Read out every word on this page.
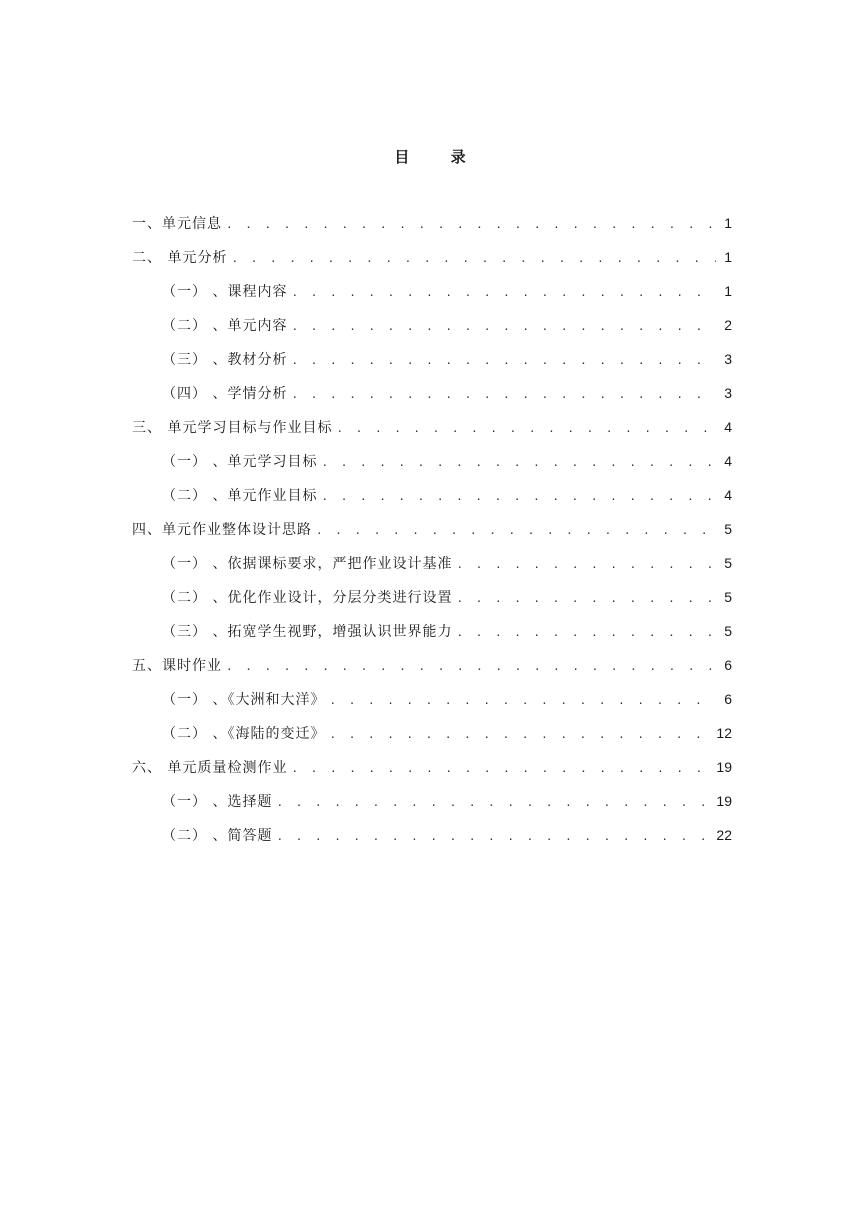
目 录
一、单元信息 . . .	1
二、 单元分析 . . .	1
（一） 、课程内容 . . .	1
（二） 、单元内容 . . .	2
（三） 、教材分析 . . .	3
（四） 、学情分析 . . .	3
三、 单元学习目标与作业目标 . . .	4
（一） 、单元学习目标 . . .	4
（二） 、单元作业目标 . . .	4
四、单元作业整体设计思路 . . .	5
（一） 、依据课标要求，严把作业设计基准 . . .	5
（二） 、优化作业设计，分层分类进行设置 . . .	5
（三） 、拓宽学生视野，增强认识世界能力 . . .	5
五、课时作业 . . .	6
（一） 、《大洲和大洋》 . . .	6
（二） 、《海陆的变迁》 . . .	12
六、 单元质量检测作业 . . .	19
（一） 、选择题 . . .	19
（二） 、简答题 . . .	22
